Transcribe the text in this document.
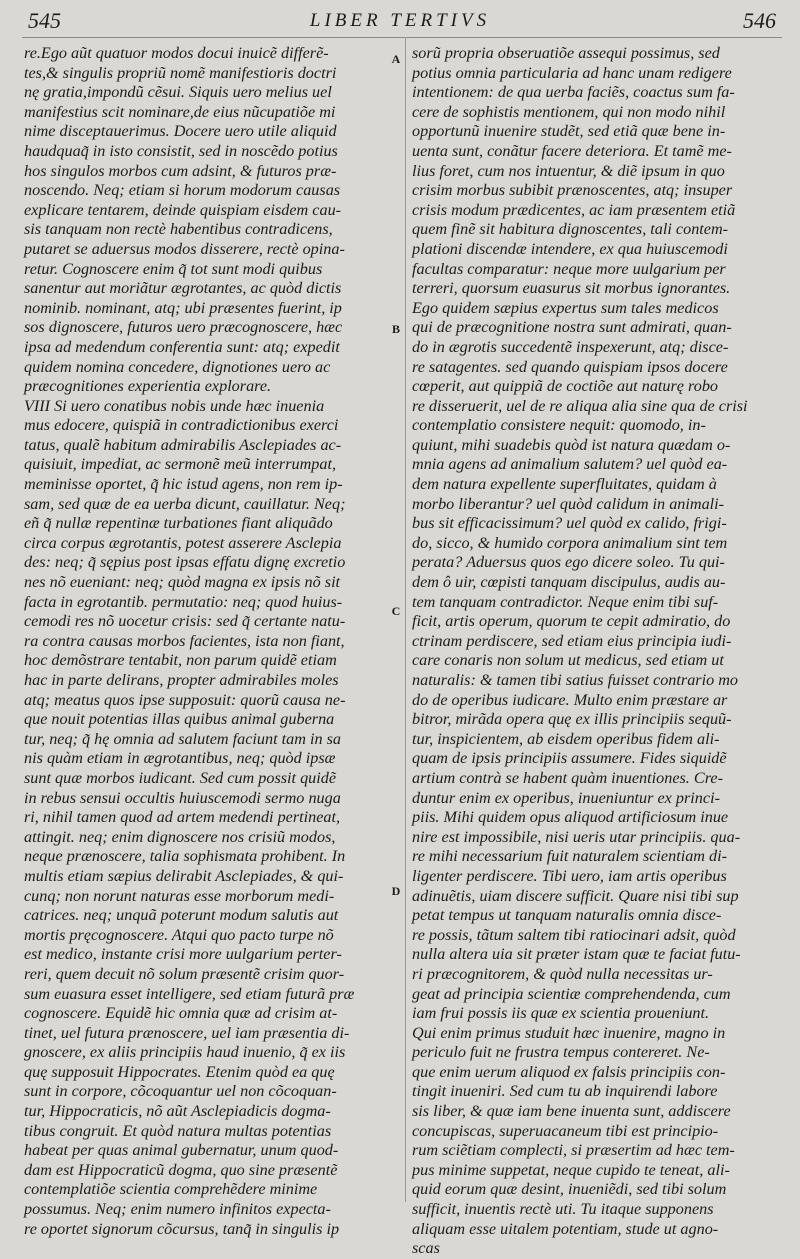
545	LIBER TERTIVS	546
A
B
C
D
re.Ego aũt quatuor modos docui inuicẽ differẽ-
tes,& singulis propriũ nomẽ manifestioris doctri
nę gratia,impondũ cẽsui. Siquis uero melius uel
manifestius scit nominare,de eius nũcupatiõe mi
nime disceptauerimus. Docere uero utile aliquid
haudquaq̃ in isto consistit, sed in noscẽdo potius
hos singulos morbos cum adsint, & futuros præ-
noscendo. Neq; etiam si horum modorum causas
explicare tentarem, deinde quispiam eisdem cau-
sis tanquam non rectè habentibus contradicens,
putaret se aduersus modos disserere, rectè opina-
retur. Cognoscere enim q̃ tot sunt modi quibus
sanentur aut moriãtur ægrotantes, ac quòd dictis
nominib. nominant, atq; ubi præsentes fuerint, ip
sos dignoscere, futuros uero præcognoscere, hæc
ipsa ad medendum conferentia sunt: atq; expedit
quidem nomina concedere, dignotiones uero ac
præcognitiones experientia explorare.
VIII Si uero conatibus nobis unde hæc inuenia
mus edocere, quispiã in contradictionibus exerci
tatus, qualẽ habitum admirabilis Asclepiades ac-
quisiuit, impediat, ac sermonẽ meũ interrumpat,
meminisse oportet, q̃ hic istud agens, non rem ip-
sam, sed quæ de ea uerba dicunt, cauillatur. Neq;
eñ q̃ nullæ repentinæ turbationes fiant aliquãdo
circa corpus ægrotantis, potest asserere Asclepia
des: neq; q̃ sępius post ipsas effatu dignę excretio
nes nõ eueniant: neq; quòd magna ex ipsis nõ sit
facta in egrotantib. permutatio: neq; quod huius-
cemodi res nõ uocetur crisis: sed q̃ certante natu-
ra contra causas morbos facientes, ista non fiant,
hoc demõstrare tentabit, non parum quidẽ etiam
hac in parte delirans, propter admirabiles moles
atq; meatus quos ipse supposuit: quorũ causa ne-
que nouit potentias illas quibus animal guberna
tur, neq; q̃ hę omnia ad salutem faciunt tam in sa
nis quàm etiam in ægrotantibus, neq; quòd ipsæ
sunt quæ morbos iudicant. Sed cum possit quidẽ
in rebus sensui occultis huiuscemodi sermo nuga
ri, nihil tamen quod ad artem medendi pertineat,
attingit. neq; enim dignoscere nos crisiũ modos,
neque prænoscere, talia sophismata prohibent. In
multis etiam sæpius delirabit Asclepiades, & qui-
cunq; non norunt naturas esse morborum medi-
catrices. neq; unquã poterunt modum salutis aut
mortis pręcognoscere. Atqui quo pacto turpe nõ
est medico, instante crisi more uulgarium perter-
reri, quem decuit nõ solum præsentẽ crisim quor-
sum euasura esset intelligere, sed etiam futurã præ
cognoscere. Equidẽ hic omnia quæ ad crisim at-
tinet, uel futura prænoscere, uel iam præsentia di-
gnoscere, ex aliis principiis haud inuenio, q̃ ex iis
quę supposuit Hippocrates. Etenim quòd ea quę
sunt in corpore, cõcoquantur uel non cõcoquan-
tur, Hippocraticis, nõ aũt Asclepiadicis dogma-
tibus congruit. Et quòd natura multas potentias
habeat per quas animal gubernatur, unum quod-
dam est Hippocraticũ dogma, quo sine præsentẽ
contemplatiõe scientia comprehẽdere minime
possumus. Neq; enim numero infinitos expecta-
re oportet signorum cõcursus, tanq̃ in singulis ip
sorũ propria obseruatiõe assequi possimus, sed
potius omnia particularia ad hanc unam redigere
intentionem: de qua uerba faciẽs, coactus sum fa-
cere de sophistis mentionem, qui non modo nihil
opportunũ inuenire studẽt, sed etiã quæ bene in-
uenta sunt, conãtur facere deteriora. Et tamẽ me-
lius foret, cum nos intuentur, & diẽ ipsum in quo
crisim morbus subibit prænoscentes, atq; insuper
crisis modum prædicentes, ac iam præsentem etiã
quem finẽ sit habitura dignoscentes, tali contem-
plationi discendæ intendere, ex qua huiuscemodi
facultas comparatur: neque more uulgarium per
terreri, quorsum euasurus sit morbus ignorantes.
Ego quidem sæpius expertus sum tales medicos
qui de præcognitione nostra sunt admirati, quan-
do in ægrotis succedentẽ inspexerunt, atq; disce-
re satagentes. sed quando quispiam ipsos docere
cœperit, aut quippiã de coctiõe aut naturę robo
re disseruerit, uel de re aliqua alia sine qua de crisi
contemplatio consistere nequit: quomodo, in-
quiunt, mihi suadebis quòd ist natura quædam o-
mnia agens ad animalium salutem? uel quòd ea-
dem natura expellente superfluitates, quidam à
morbo liberantur? uel quòd calidum in animali-
bus sit efficacissimum? uel quòd ex calido, frigi-
do, sicco, & humido corpora animalium sint tem
perata? Aduersus quos ego dicere soleo. Tu qui-
dem ô uir, cœpisti tanquam discipulus, audis au-
tem tanquam contradictor. Neque enim tibi suf-
ficit, artis operum, quorum te cepit admiratio, do
ctrinam perdiscere, sed etiam eius principia iudi-
care conaris non solum ut medicus, sed etiam ut
naturalis: & tamen tibi satius fuisset contrario mo
do de operibus iudicare. Multo enim præstare ar
bitror, mirãda opera quę ex illis principiis sequũ-
tur, inspicientem, ab eisdem operibus fidem ali-
quam de ipsis principiis assumere. Fides siquidẽ
artium contrà se habent quàm inuentiones. Cre-
duntur enim ex operibus, inueniuntur ex princi-
piis. Mihi quidem opus aliquod artificiosum inue
nire est impossibile, nisi ueris utar principiis. qua-
re mihi necessarium fuit naturalem scientiam di-
ligenter perdiscere. Tibi uero, iam artis operibus
adinuẽtis, uiam discere sufficit. Quare nisi tibi sup
petat tempus ut tanquam naturalis omnia disce-
re possis, tãtum saltem tibi ratiocinari adsit, quòd
nulla altera uia sit præter istam quæ te faciat futu-
ri præcognitorem, & quòd nulla necessitas ur-
geat ad principia scientiæ comprehendenda, cum
iam frui possis iis quæ ex scientia proueniunt.
Qui enim primus studuit hæc inuenire, magno in
periculo fuit ne frustra tempus contereret. Ne-
que enim uerum aliquod ex falsis principiis con-
tingit inueniri. Sed cum tu ab inquirendi labore
sis liber, & quæ iam bene inuenta sunt, addiscere
concupiscas, superuacaneum tibi est principio-
rum sciẽtiam complecti, si præsertim ad hæc tem-
pus minime suppetat, neque cupido te teneat, ali-
quid eorum quæ desint, inueniẽdi, sed tibi solum
sufficit, inuentis rectè uti. Tu itaque supponens
aliquam esse uitalem potentiam, stude ut agno-
scas
